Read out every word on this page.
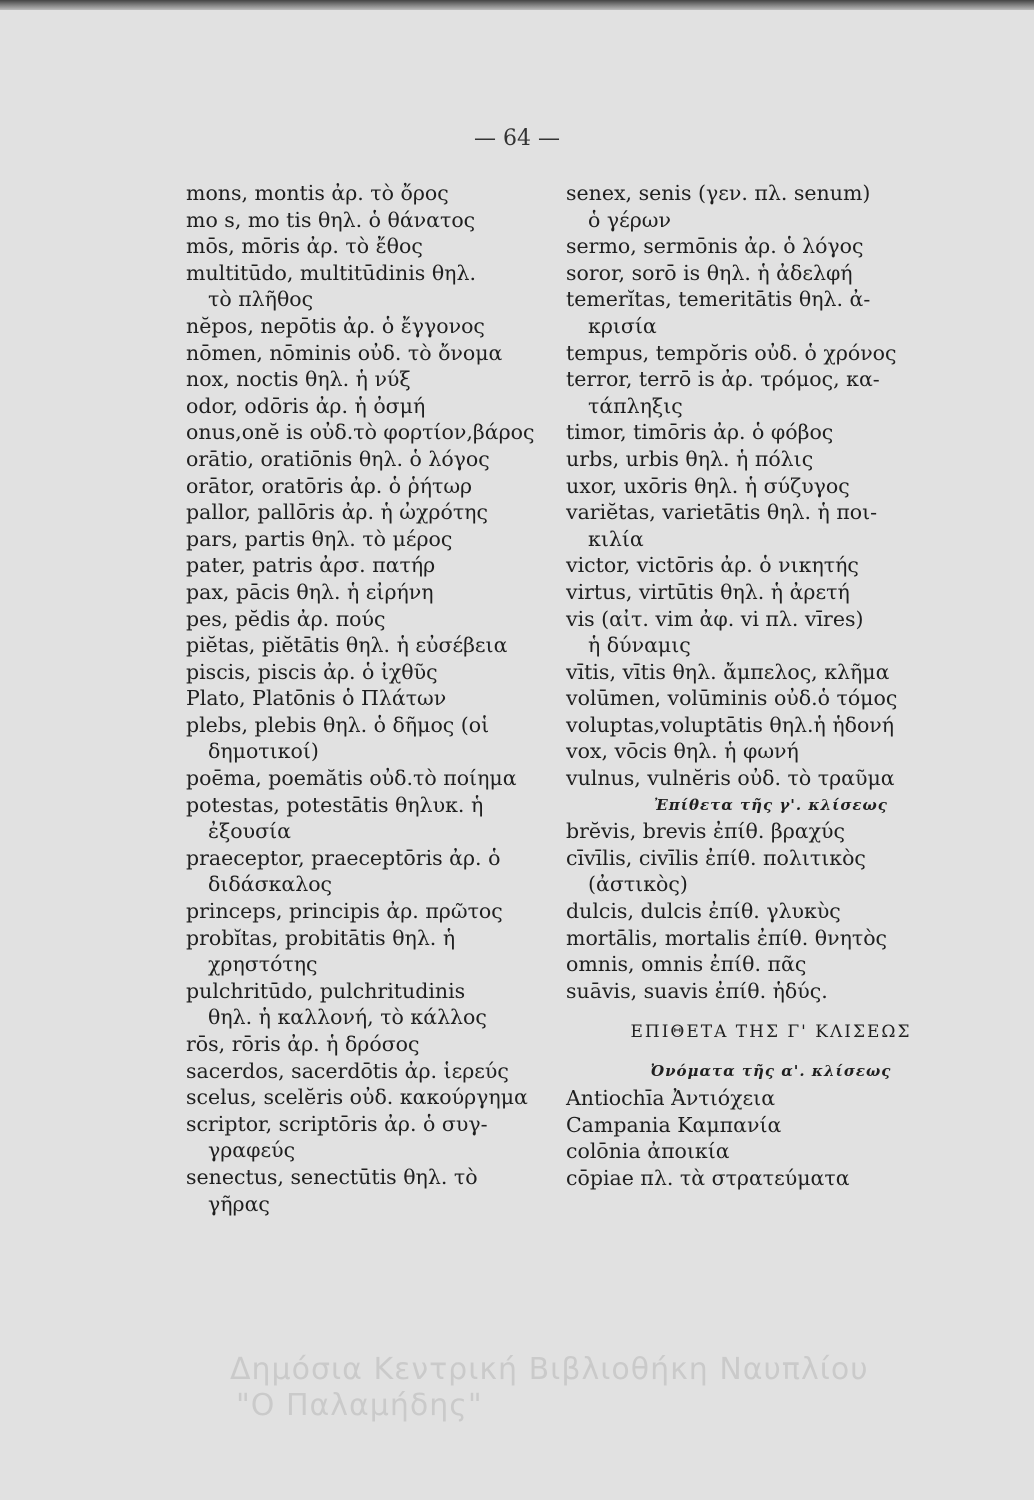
— 64 —
mons, montis ἀρ. τὸ ὄρος
mo s, mo tis θηλ. ὁ θάνατος
mōs, mōris ἀρ. τὸ ἔθος
multitūdo, multitūdinis θηλ.
τὸ πλῆθος
nĕpos, nepōtis ἀρ. ὁ ἔγγονος
nōmen, nōminis οὐδ. τὸ ὄνομα
nox, noctis θηλ. ἡ νύξ
odor, odōris ἀρ. ἡ ὀσμή
onus,onĕ is οὐδ.τὸ φορτίον,βάρος
orātio, oratiōnis θηλ. ὁ λόγος
orātor, oratōris ἀρ. ὁ ῥήτωρ
pallor, pallōris ἀρ. ἡ ὠχρότης
pars, partis θηλ. τὸ μέρος
pater, patris ἀρσ. πατήρ
pax, pācis θηλ. ἡ εἰρήνη
pes, pĕdis ἀρ. πούς
piĕtas, piĕtātis θηλ. ἡ εὐσέβεια
piscis, piscis ἀρ. ὁ ἰχθῦς
Plato, Platōnis ὁ Πλάτων
plebs, plebis θηλ. ὁ δῆμος (οἱ
δημοτικοί)
poēma, poemătis οὐδ.τὸ ποίημα
potestas, potestātis θηλυκ. ἡ
ἐξουσία
praeceptor, praeceptōris ἀρ. ὁ
διδάσκαλος
princeps, principis ἀρ. πρῶτος
probĭtas, probitātis θηλ. ἡ
χρηστότης
pulchritūdo, pulchritudinis
θηλ. ἡ καλλονή, τὸ κάλλος
rōs, rōris ἀρ. ἡ δρόσος
sacerdos, sacerdōtis ἀρ. ἱερεύς
scelus, scelĕris οὐδ. κακούργημα
scriptor, scriptōris ἀρ. ὁ συγ-
γραφεύς
senectus, senectūtis θηλ. τὸ
γῆρας
senex, senis (γεν. πλ. senum)
ὁ γέρων
sermo, sermōnis ἀρ. ὁ λόγος
soror, sorō is θηλ. ἡ ἀδελφή
temerĭtas, temeritātis θηλ. ἀ-
κρισία
tempus, tempŏris οὐδ. ὁ χρόνος
terror, terrō is ἀρ. τρόμος, κα-
τάπληξις
timor, timōris ἀρ. ὁ φόβος
urbs, urbis θηλ. ἡ πόλις
uxor, uxōris θηλ. ἡ σύζυγος
variĕtas, varietātis θηλ. ἡ ποι-
κιλία
victor, victōris ἀρ. ὁ νικητής
virtus, virtūtis θηλ. ἡ ἀρετή
vis (αἰτ. vim ἀφ. vi πλ. vīres)
ἡ δύναμις
vītis, vītis θηλ. ἄμπελος, κλῆμα
volūmen, volūminis οὐδ.ὁ τόμος
voluptas,voluptātis θηλ.ἡ ἡδονή
vox, vōcis θηλ. ἡ φωνή
vulnus, vulnĕris οὐδ. τὸ τραῦμα
Ἐπίθετα τῆς γ'. κλίσεως
brĕvis, brevis ἐπίθ. βραχύς
cīvīlis, civīlis ἐπίθ. πολιτικὸς
(ἀστικὸς)
dulcis, dulcis ἐπίθ. γλυκὺς
mortālis, mortalis ἐπίθ. θνητὸς
omnis, omnis ἐπίθ. πᾶς
suāvis, suavis ἐπίθ. ἡδύς.
ΕΠΙΘΕΤΑ ΤΗΣ Γ' ΚΛΙΣΕΩΣ
Ὀνόματα τῆς α'. κλίσεως
Antiochīa Ἀντιόχεια
Campania Καμπανία
colōnia ἀποικία
cōpiae πλ. τὰ στρατεύματα
Δημόσια Κεντρική Βιβλιοθήκη Ναυπλίου
"Ο Παλαμήδης"
